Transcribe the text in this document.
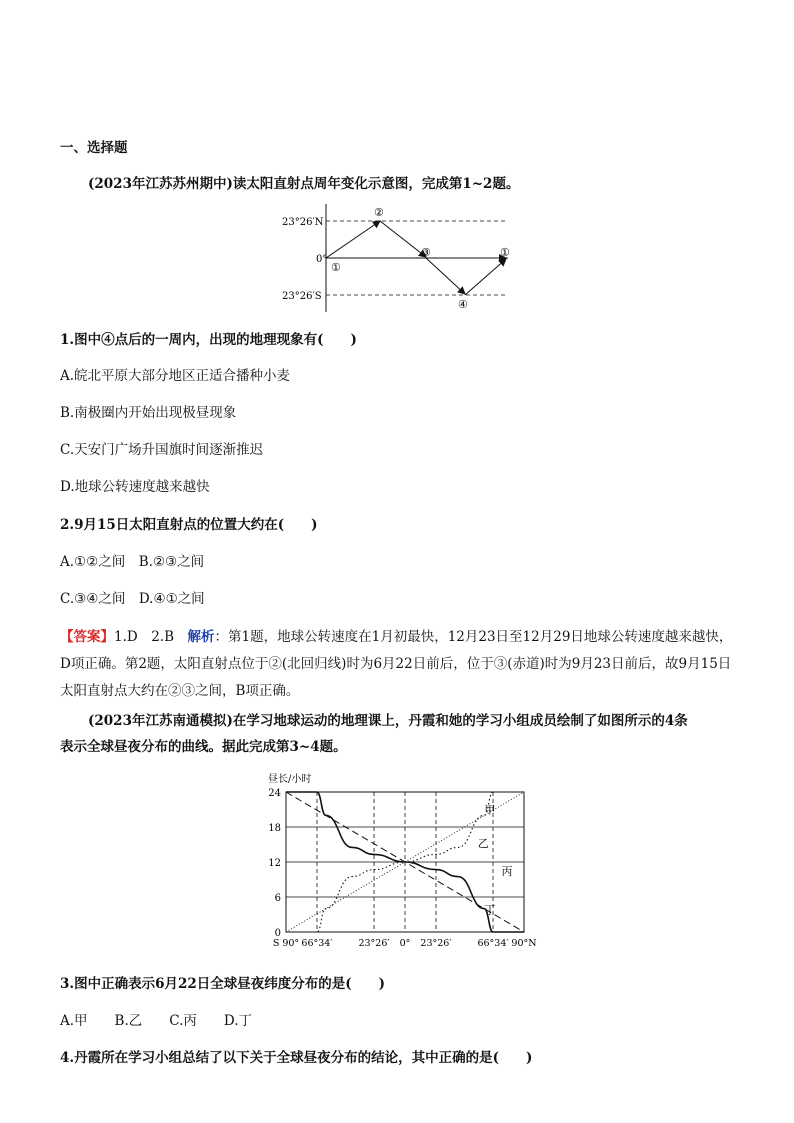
一、选择题
(2023年江苏苏州期中)读太阳直射点周年变化示意图，完成第1~2题。
23°26′N
0°
23°26′S
①
②
③
④
①
1.图中④点后的一周内，出现的地理现象有(　　)
A.皖北平原大部分地区正适合播种小麦
B.南极圈内开始出现极昼现象
C.天安门广场升国旗时间逐渐推迟
D.地球公转速度越来越快
2.9月15日太阳直射点的位置大约在(　　)
A.①②之间　B.②③之间
C.③④之间　D.④①之间
【答案】1.D　2.B　解析：第1题，地球公转速度在1月初最快，12月23日至12月29日地球公转速度越来越快，D项正确。第2题，太阳直射点位于②(北回归线)时为6月22日前后，位于③(赤道)时为9月23日前后，故9月15日太阳直射点大约在②③之间，B项正确。
(2023年江苏南通模拟)在学习地球运动的地理课上，丹霞和她的学习小组成员绘制了如图所示的4条
表示全球昼夜分布的曲线。据此完成第3~4题。
昼长/小时
24
18
12
6
0
S 90° 66°34′	23°26′ 0° 23°26′	66°34′ 90°N
甲
乙
丙
丁
3.图中正确表示6月22日全球昼夜纬度分布的是(　　)
A.甲　　B.乙　　C.丙　　D.丁
4.丹霞所在学习小组总结了以下关于全球昼夜分布的结论，其中正确的是(　　)
